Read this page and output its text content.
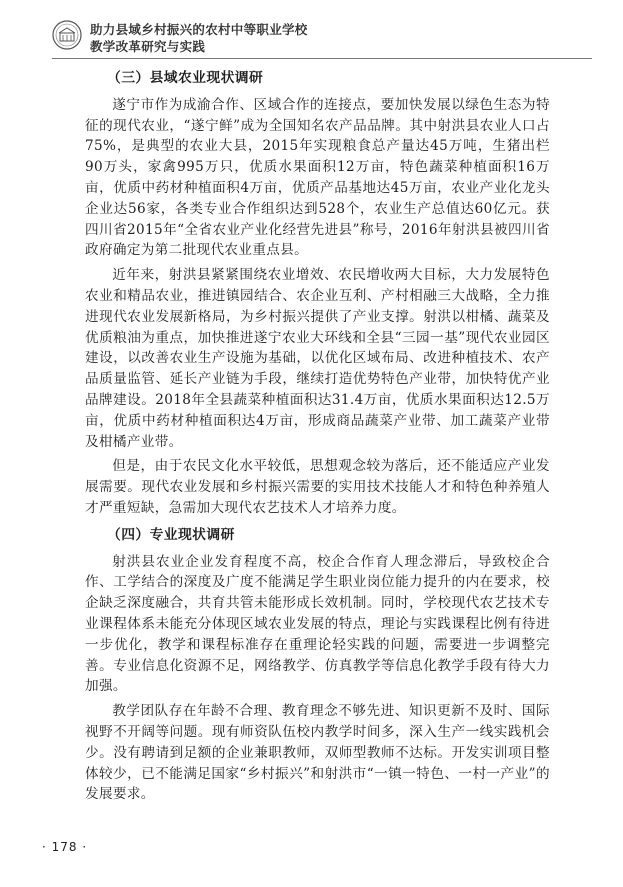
助力县域乡村振兴的农村中等职业学校
教学改革研究与实践
（三）县域农业现状调研

遂宁市作为成渝合作、区域合作的连接点，要加快发展以绿色生态为特征的现代农业，“遂宁鲜”成为全国知名农产品品牌。其中射洪县农业人口占75%，是典型的农业大县，2015年实现粮食总产量达45万吨，生猪出栏90万头，家禽995万只，优质水果面积12万亩，特色蔬菜种植面积16万亩，优质中药材种植面积4万亩，优质产品基地达45万亩，农业产业化龙头企业达56家，各类专业合作组织达到528个，农业生产总值达60亿元。获四川省2015年“全省农业产业化经营先进县”称号，2016年射洪县被四川省政府确定为第二批现代农业重点县。

近年来，射洪县紧紧围绕农业增效、农民增收两大目标，大力发展特色农业和精品农业，推进镇园结合、农企业互利、产村相融三大战略，全力推进现代农业发展新格局，为乡村振兴提供了产业支撑。射洪以柑橘、蔬菜及优质粮油为重点，加快推进遂宁农业大环线和全县“三园一基”现代农业园区建设，以改善农业生产设施为基础，以优化区域布局、改进种植技术、农产品质量监管、延长产业链为手段，继续打造优势特色产业带，加快特优产业品牌建设。2018年全县蔬菜种植面积达31.4万亩，优质水果面积达12.5万亩，优质中药材种植面积达4万亩，形成商品蔬菜产业带、加工蔬菜产业带及柑橘产业带。

但是，由于农民文化水平较低，思想观念较为落后，还不能适应产业发展需要。现代农业发展和乡村振兴需要的实用技术技能人才和特色种养殖人才严重短缺，急需加大现代农艺技术人才培养力度。

（四）专业现状调研

射洪县农业企业发育程度不高，校企合作育人理念滞后，导致校企合作、工学结合的深度及广度不能满足学生职业岗位能力提升的内在要求，校企缺乏深度融合，共育共管未能形成长效机制。同时，学校现代农艺技术专业课程体系未能充分体现区域农业发展的特点，理论与实践课程比例有待进一步优化，教学和课程标准存在重理论轻实践的问题，需要进一步调整完善。专业信息化资源不足，网络教学、仿真教学等信息化教学手段有待大力加强。

教学团队存在年龄不合理、教育理念不够先进、知识更新不及时、国际视野不开阔等问题。现有师资队伍校内教学时间多，深入生产一线实践机会少。没有聘请到足额的企业兼职教师，双师型教师不达标。开发实训项目整体较少，已不能满足国家“乡村振兴”和射洪市“一镇一特色、一村一产业”的发展要求。

· 178 ·
